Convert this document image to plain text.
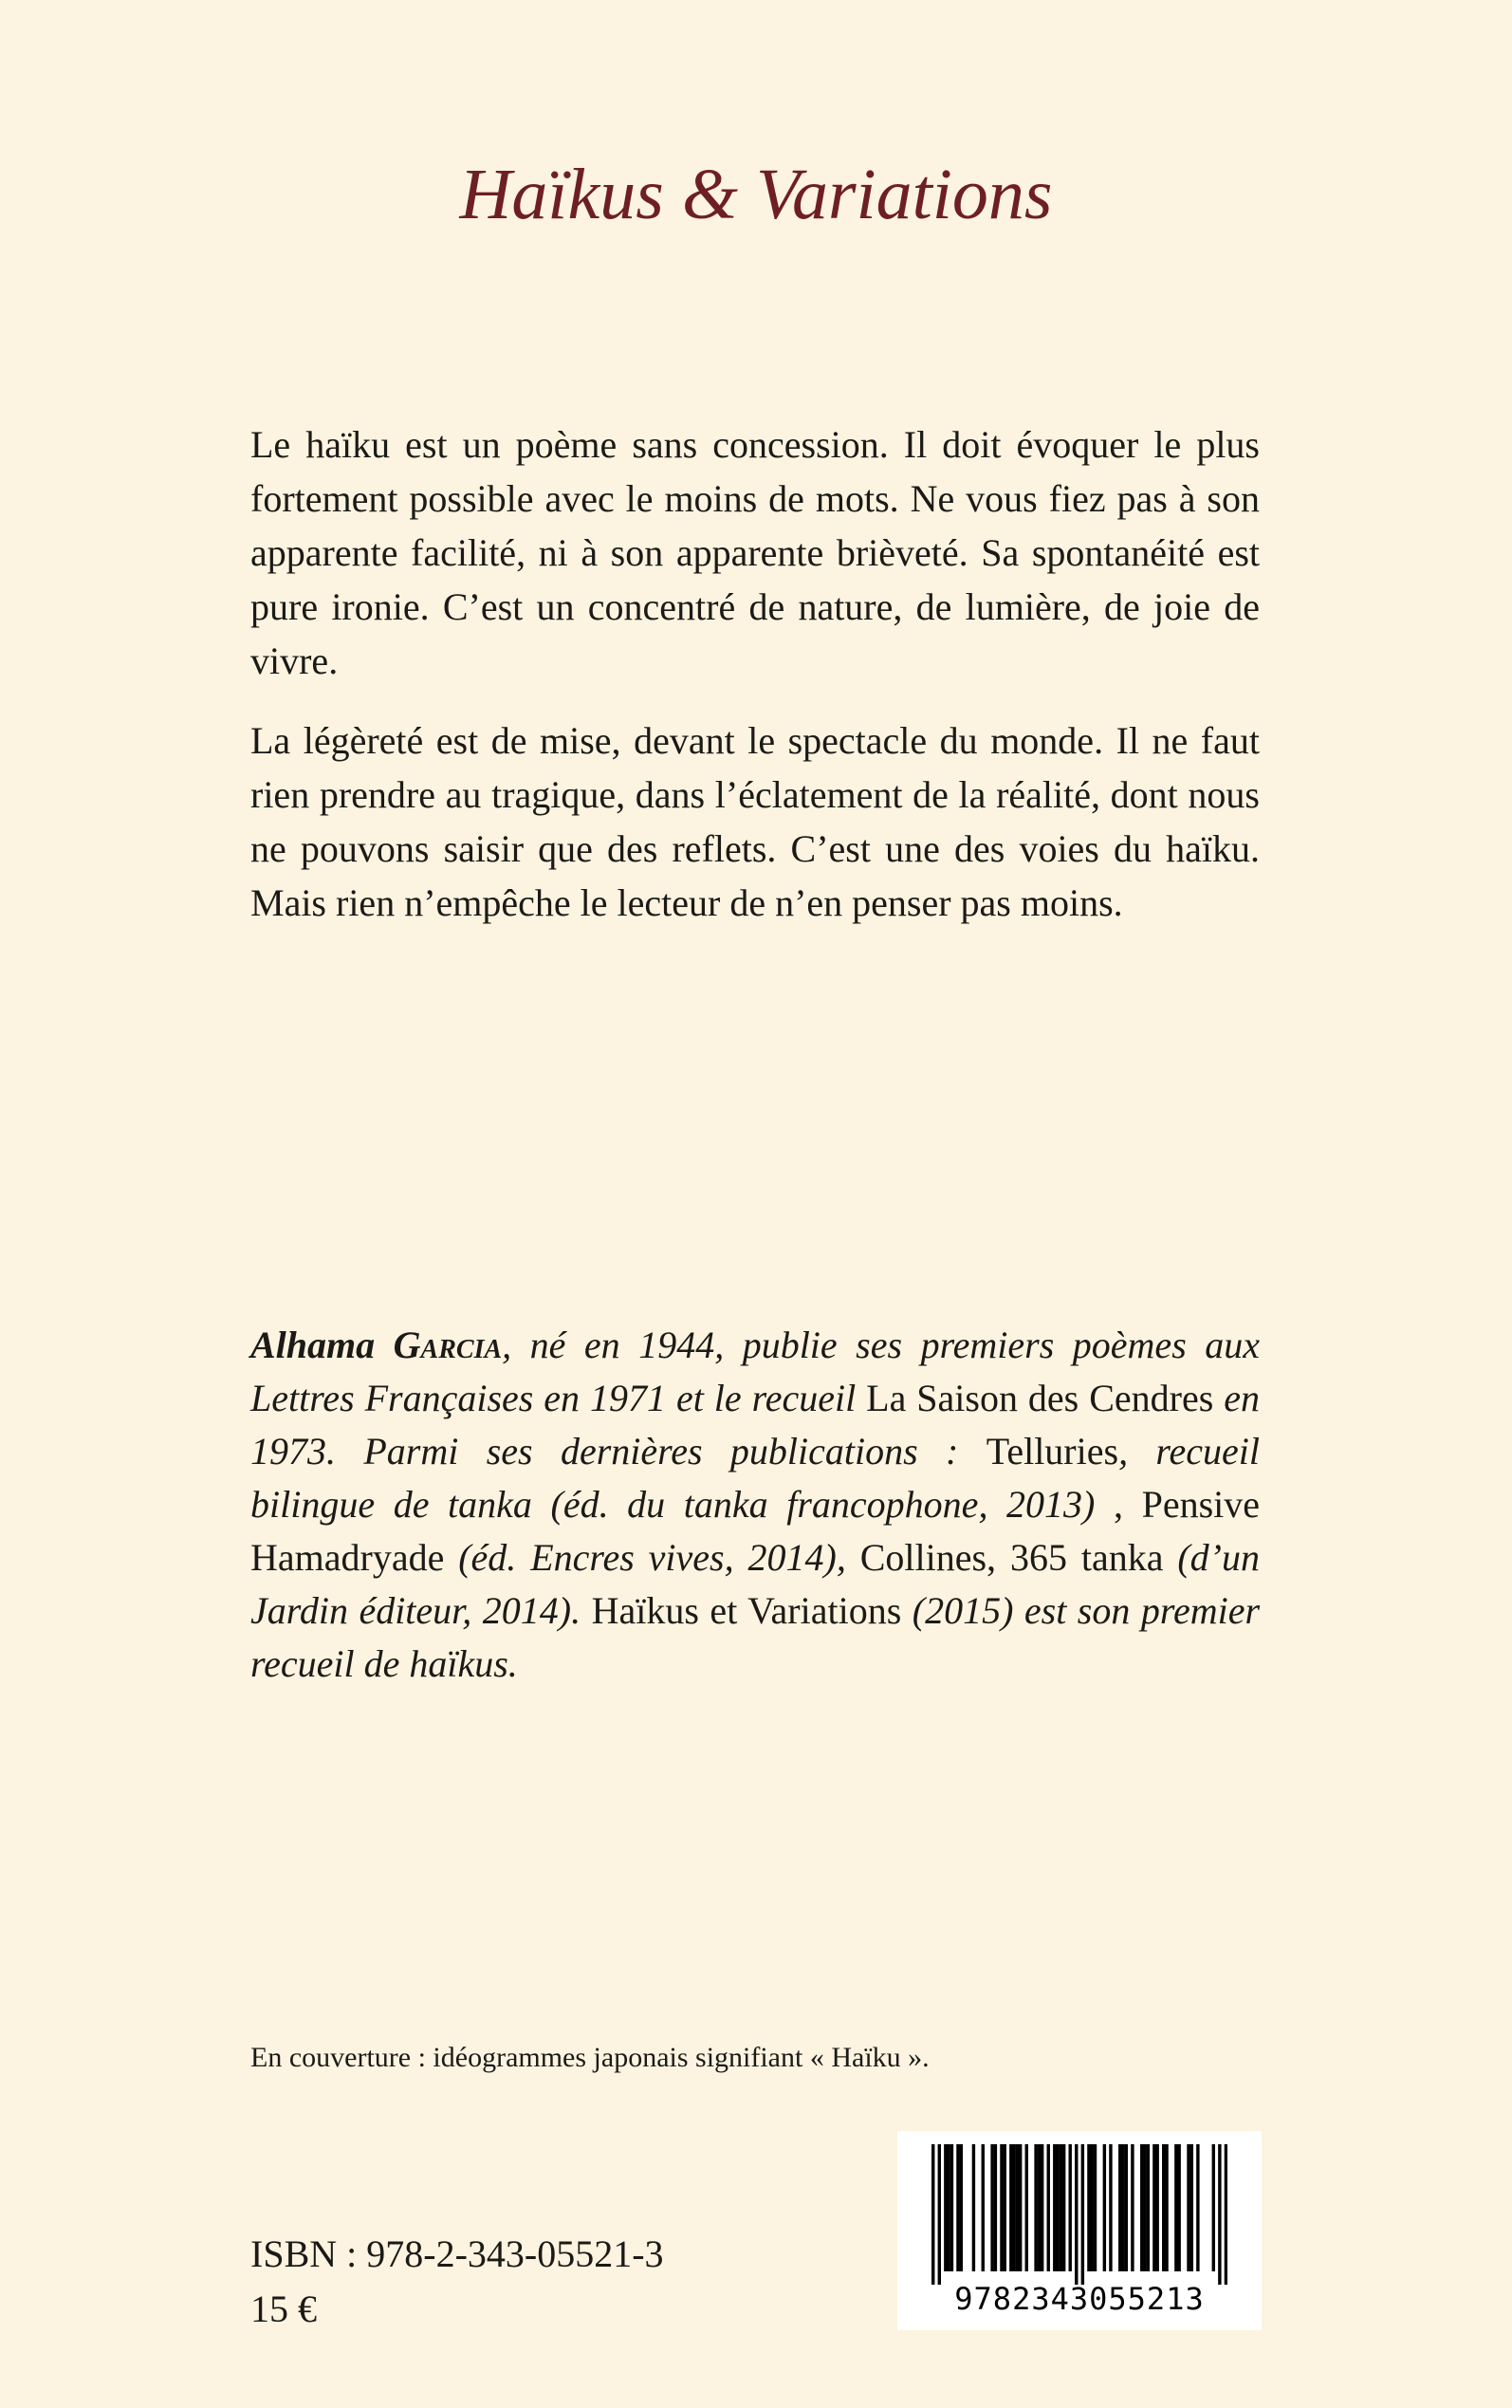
Haïkus & Variations

Le haïku est un poème sans concession. Il doit évoquer le plus fortement possible avec le moins de mots. Ne vous fiez pas à son apparente facilité, ni à son apparente brièveté. Sa spontanéité est pure ironie. C’est un concentré de nature, de lumière, de joie de vivre.

La légèreté est de mise, devant le spectacle du monde. Il ne faut rien prendre au tragique, dans l’éclatement de la réalité, dont nous ne pouvons saisir que des reflets. C’est une des voies du haïku. Mais rien n’empêche le lecteur de n’en penser pas moins.

Alhama Garcia, né en 1944, publie ses premiers poèmes aux Lettres Françaises en 1971 et le recueil La Saison des Cendres en 1973. Parmi ses dernières publications : Telluries, recueil bilingue de tanka (éd. du tanka francophone, 2013) , Pensive Hamadryade (éd. Encres vives, 2014), Collines, 365 tanka (d’un Jardin éditeur, 2014). Haïkus et Variations (2015) est son premier recueil de haïkus.

En couverture : idéogrammes japonais signifiant « Haïku ».

ISBN : 978-2-343-05521-3

15 €	9782343055213
